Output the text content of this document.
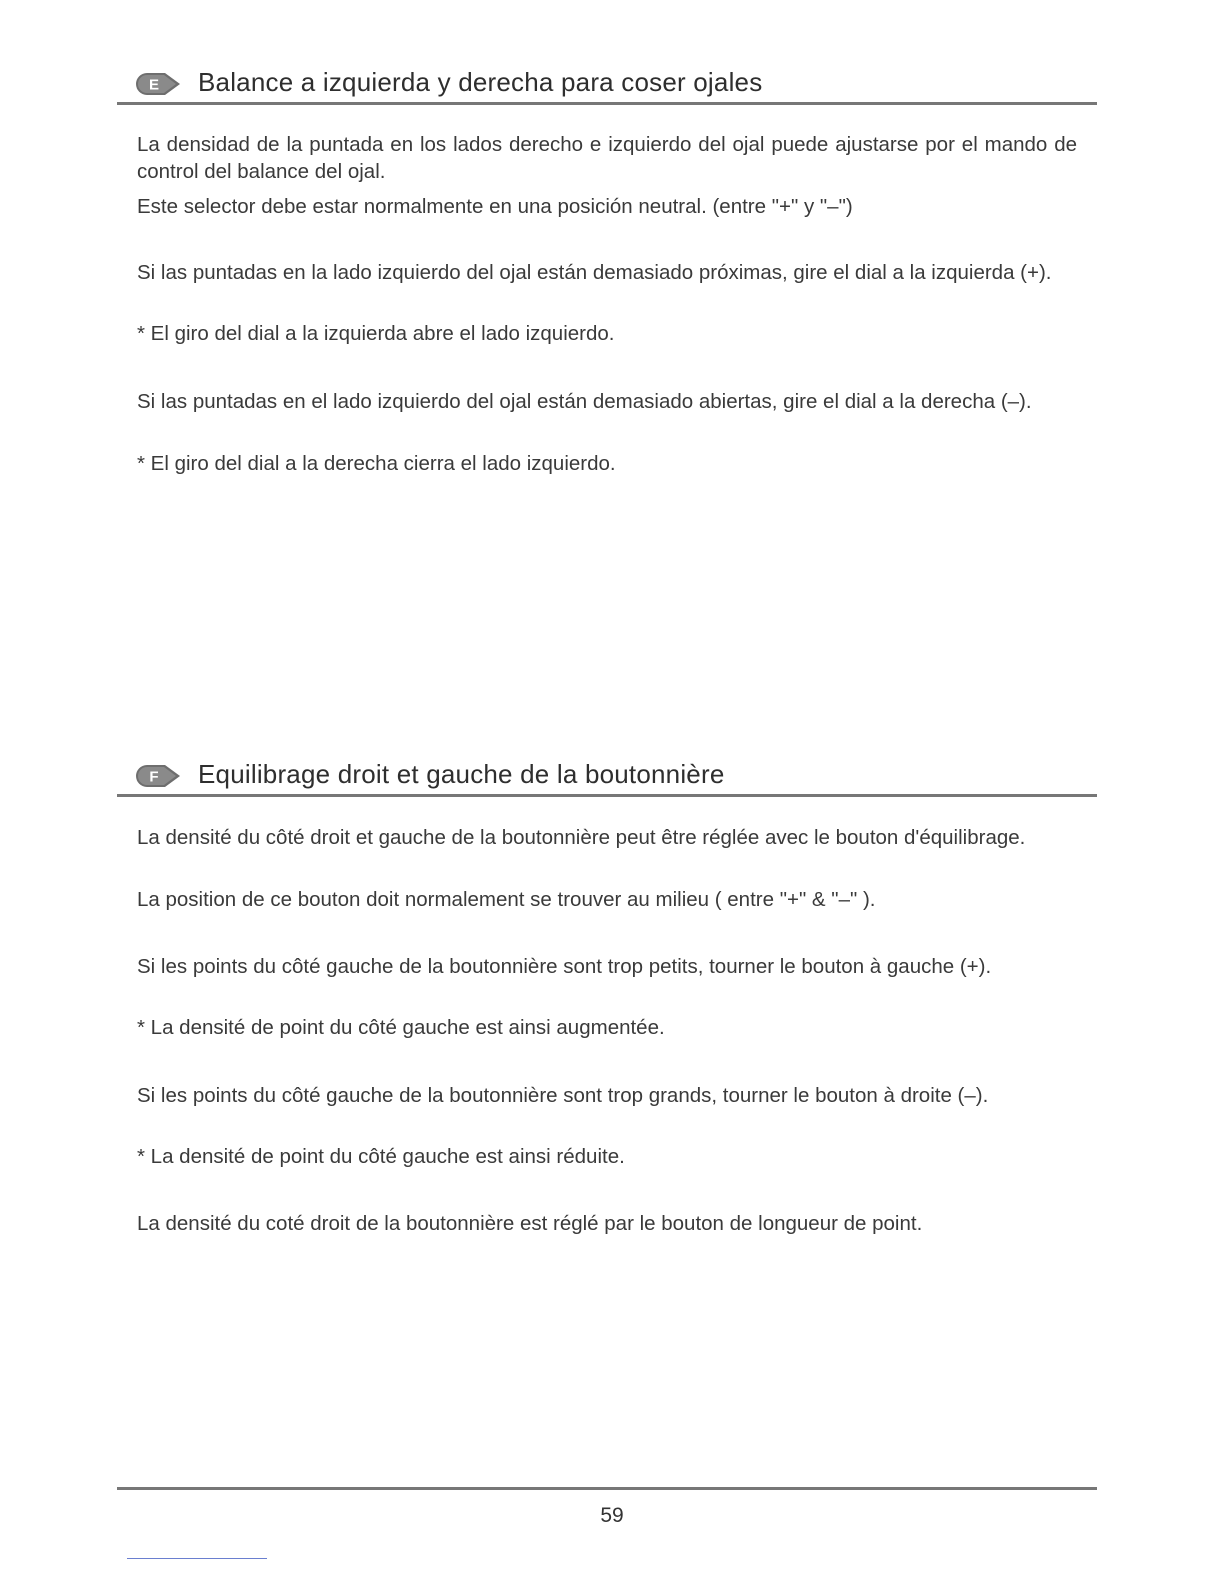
E Balance a izquierda y derecha para coser ojales

La densidad de la puntada en los lados derecho e izquierdo del ojal puede ajustarse por el mando de control del balance del ojal.

Este selector debe estar normalmente en una posición neutral. (entre "+" y "–")

Si las puntadas en la lado izquierdo del ojal están demasiado próximas, gire el dial a la izquierda (+).

* El giro del dial a la izquierda abre el lado izquierdo.

Si las puntadas en el lado izquierdo del ojal están demasiado abiertas, gire el dial a la derecha (–).

* El giro del dial a la derecha cierra el lado izquierdo.

F Equilibrage droit et gauche de la boutonnière

La densité du côté droit et gauche de la boutonnière peut être réglée avec le bouton d'équilibrage.

La position de ce bouton doit normalement se trouver au milieu ( entre "+" & "–" ).

Si les points du côté gauche de la boutonnière sont trop petits, tourner le bouton à gauche (+).

* La densité de point du côté gauche est ainsi augmentée.

Si les points du côté gauche de la boutonnière sont trop grands, tourner le bouton à droite (–).

* La densité de point du côté gauche est ainsi réduite.

La densité du coté droit de la boutonnière est réglé par le bouton de longueur de point.

59
